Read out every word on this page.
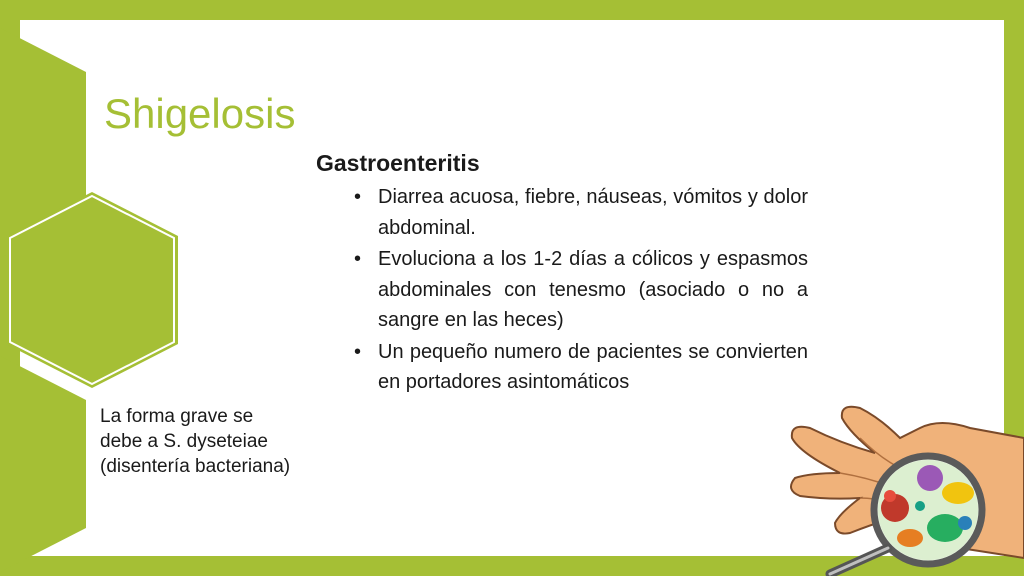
Shigelosis
Gastroenteritis
• Diarrea acuosa, fiebre, náuseas, vómitos y dolor abdominal.
• Evoluciona a los 1-2 días a cólicos y espasmos abdominales con tenesmo (asociado o no a sangre en las heces)
• Un pequeño numero de pacientes se convierten en portadores asintomáticos
La forma grave se debe a S. dyseteiae (disentería bacteriana)
